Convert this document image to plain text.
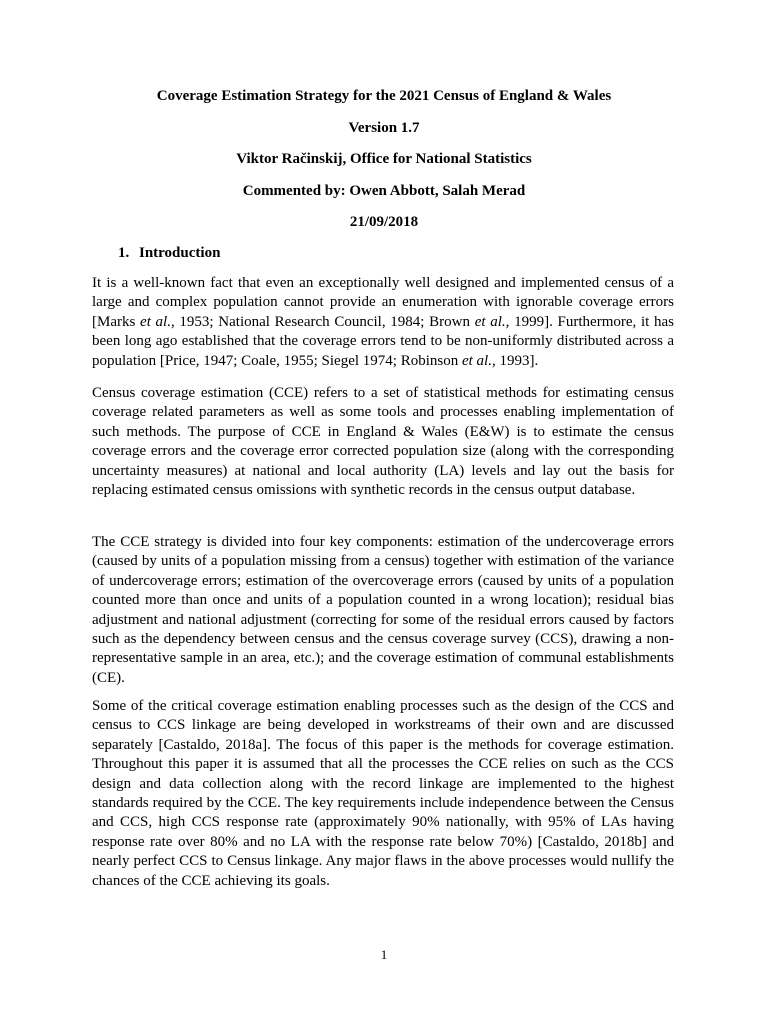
Coverage Estimation Strategy for the 2021 Census of England & Wales

Version 1.7

Viktor Račinskij, Office for National Statistics

Commented by: Owen Abbott, Salah Merad

21/09/2018

1. Introduction

It is a well-known fact that even an exceptionally well designed and implemented census of a large and complex population cannot provide an enumeration with ignorable coverage errors [Marks et al., 1953; National Research Council, 1984; Brown et al., 1999]. Furthermore, it has been long ago established that the coverage errors tend to be non-uniformly distributed across a population [Price, 1947; Coale, 1955; Siegel 1974; Robinson et al., 1993].

Census coverage estimation (CCE) refers to a set of statistical methods for estimating census coverage related parameters as well as some tools and processes enabling implementation of such methods. The purpose of CCE in England & Wales (E&W) is to estimate the census coverage errors and the coverage error corrected population size (along with the corresponding uncertainty measures) at national and local authority (LA) levels and lay out the basis for replacing estimated census omissions with synthetic records in the census output database.

The CCE strategy is divided into four key components: estimation of the undercoverage errors (caused by units of a population missing from a census) together with estimation of the variance of undercoverage errors; estimation of the overcoverage errors (caused by units of a population counted more than once and units of a population counted in a wrong location); residual bias adjustment and national adjustment (correcting for some of the residual errors caused by factors such as the dependency between census and the census coverage survey (CCS), drawing a non-representative sample in an area, etc.); and the coverage estimation of communal establishments (CE).

Some of the critical coverage estimation enabling processes such as the design of the CCS and census to CCS linkage are being developed in workstreams of their own and are discussed separately [Castaldo, 2018a]. The focus of this paper is the methods for coverage estimation. Throughout this paper it is assumed that all the processes the CCE relies on such as the CCS design and data collection along with the record linkage are implemented to the highest standards required by the CCE. The key requirements include independence between the Census and CCS, high CCS response rate (approximately 90% nationally, with 95% of LAs having response rate over 80% and no LA with the response rate below 70%) [Castaldo, 2018b] and nearly perfect CCS to Census linkage. Any major flaws in the above processes would nullify the chances of the CCE achieving its goals.

1
